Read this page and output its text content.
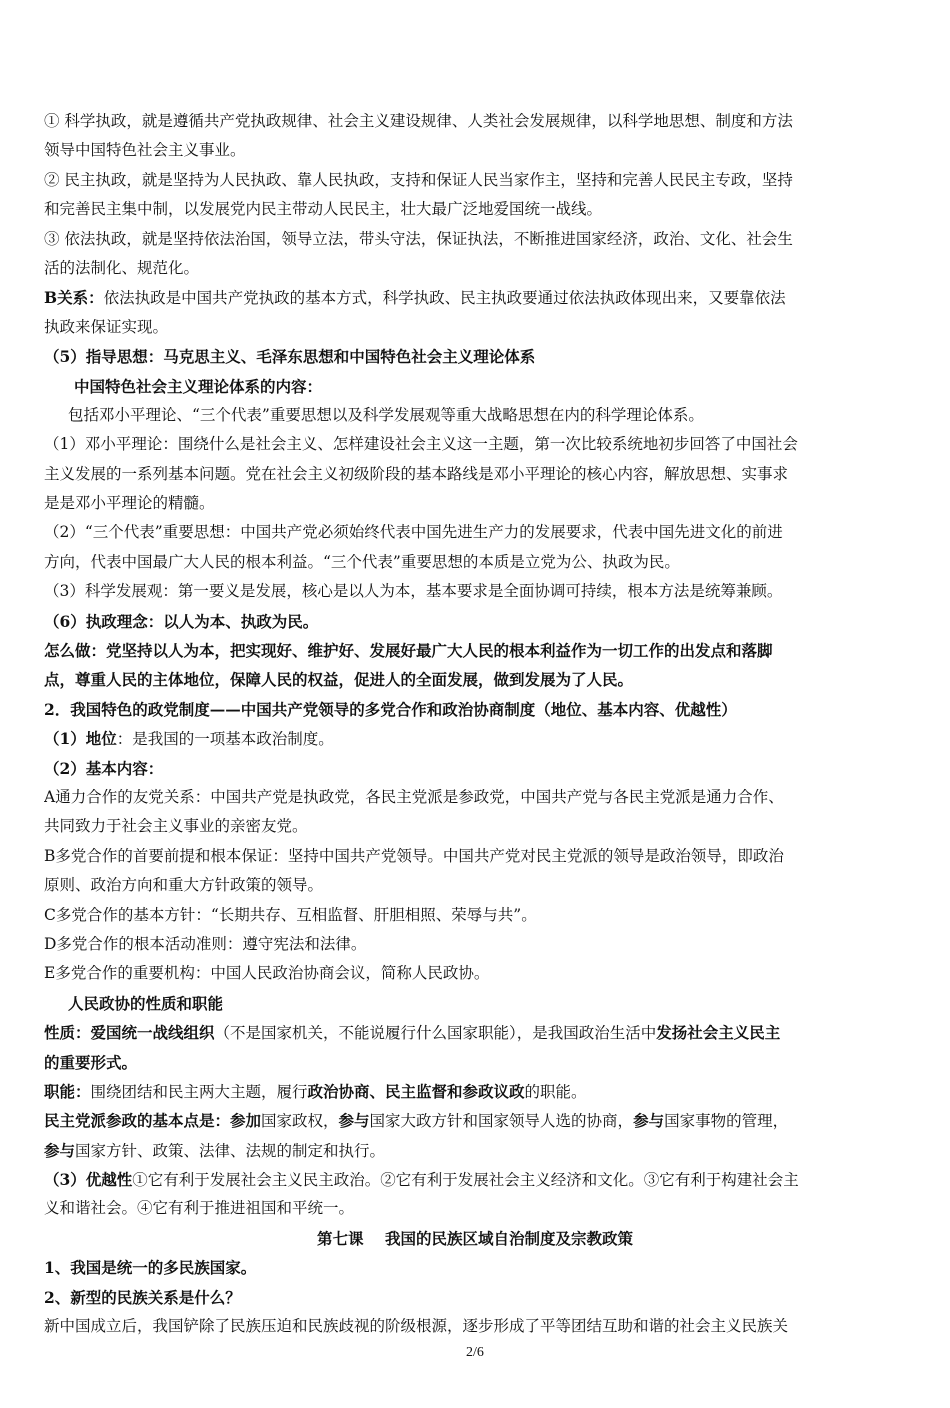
① 科学执政，就是遵循共产党执政规律、社会主义建设规律、人类社会发展规律，以科学地思想、制度和方法
领导中国特色社会主义事业。
② 民主执政，就是坚持为人民执政、靠人民执政，支持和保证人民当家作主，坚持和完善人民民主专政，坚持
和完善民主集中制，以发展党内民主带动人民民主，壮大最广泛地爱国统一战线。
③ 依法执政，就是坚持依法治国，领导立法，带头守法，保证执法，不断推进国家经济，政治、文化、社会生
活的法制化、规范化。
B关系：依法执政是中国共产党执政的基本方式，科学执政、民主执政要通过依法执政体现出来，又要靠依法
执政来保证实现。
（5）指导思想：马克思主义、毛泽东思想和中国特色社会主义理论体系
中国特色社会主义理论体系的内容：
包括邓小平理论、“三个代表”重要思想以及科学发展观等重大战略思想在内的科学理论体系。
（1）邓小平理论：围绕什么是社会主义、怎样建设社会主义这一主题，第一次比较系统地初步回答了中国社会
主义发展的一系列基本问题。党在社会主义初级阶段的基本路线是邓小平理论的核心内容，解放思想、实事求
是是邓小平理论的精髓。
（2）“三个代表”重要思想：中国共产党必须始终代表中国先进生产力的发展要求，代表中国先进文化的前进
方向，代表中国最广大人民的根本利益。“三个代表”重要思想的本质是立党为公、执政为民。
（3）科学发展观：第一要义是发展，核心是以人为本，基本要求是全面协调可持续，根本方法是统筹兼顾。
（6）执政理念：以人为本、执政为民。
怎么做：党坚持以人为本，把实现好、维护好、发展好最广大人民的根本利益作为一切工作的出发点和落脚
点，尊重人民的主体地位，保障人民的权益，促进人的全面发展，做到发展为了人民。
2．我国特色的政党制度——中国共产党领导的多党合作和政治协商制度（地位、基本内容、优越性）
（1）地位：是我国的一项基本政治制度。
（2）基本内容：
A通力合作的友党关系：中国共产党是执政党，各民主党派是参政党，中国共产党与各民主党派是通力合作、
共同致力于社会主义事业的亲密友党。
B多党合作的首要前提和根本保证：坚持中国共产党领导。中国共产党对民主党派的领导是政治领导，即政治
原则、政治方向和重大方针政策的领导。
C多党合作的基本方针：“长期共存、互相监督、肝胆相照、荣辱与共”。
D多党合作的根本活动准则：遵守宪法和法律。
E多党合作的重要机构：中国人民政治协商会议，简称人民政协。
人民政协的性质和职能
性质：爱国统一战线组织（不是国家机关，不能说履行什么国家职能），是我国政治生活中发扬社会主义民主
的重要形式。
职能：围绕团结和民主两大主题，履行政治协商、民主监督和参政议政的职能。
民主党派参政的基本点是：参加国家政权，参与国家大政方针和国家领导人选的协商，参与国家事物的管理，
参与国家方针、政策、法律、法规的制定和执行。
（3）优越性①它有利于发展社会主义民主政治。②它有利于发展社会主义经济和文化。③它有利于构建社会主
义和谐社会。④它有利于推进祖国和平统一。
第七课    我国的民族区域自治制度及宗教政策
1、我国是统一的多民族国家。
2、新型的民族关系是什么？
新中国成立后，我国铲除了民族压迫和民族歧视的阶级根源，逐步形成了平等团结互助和谐的社会主义民族关
2/6
